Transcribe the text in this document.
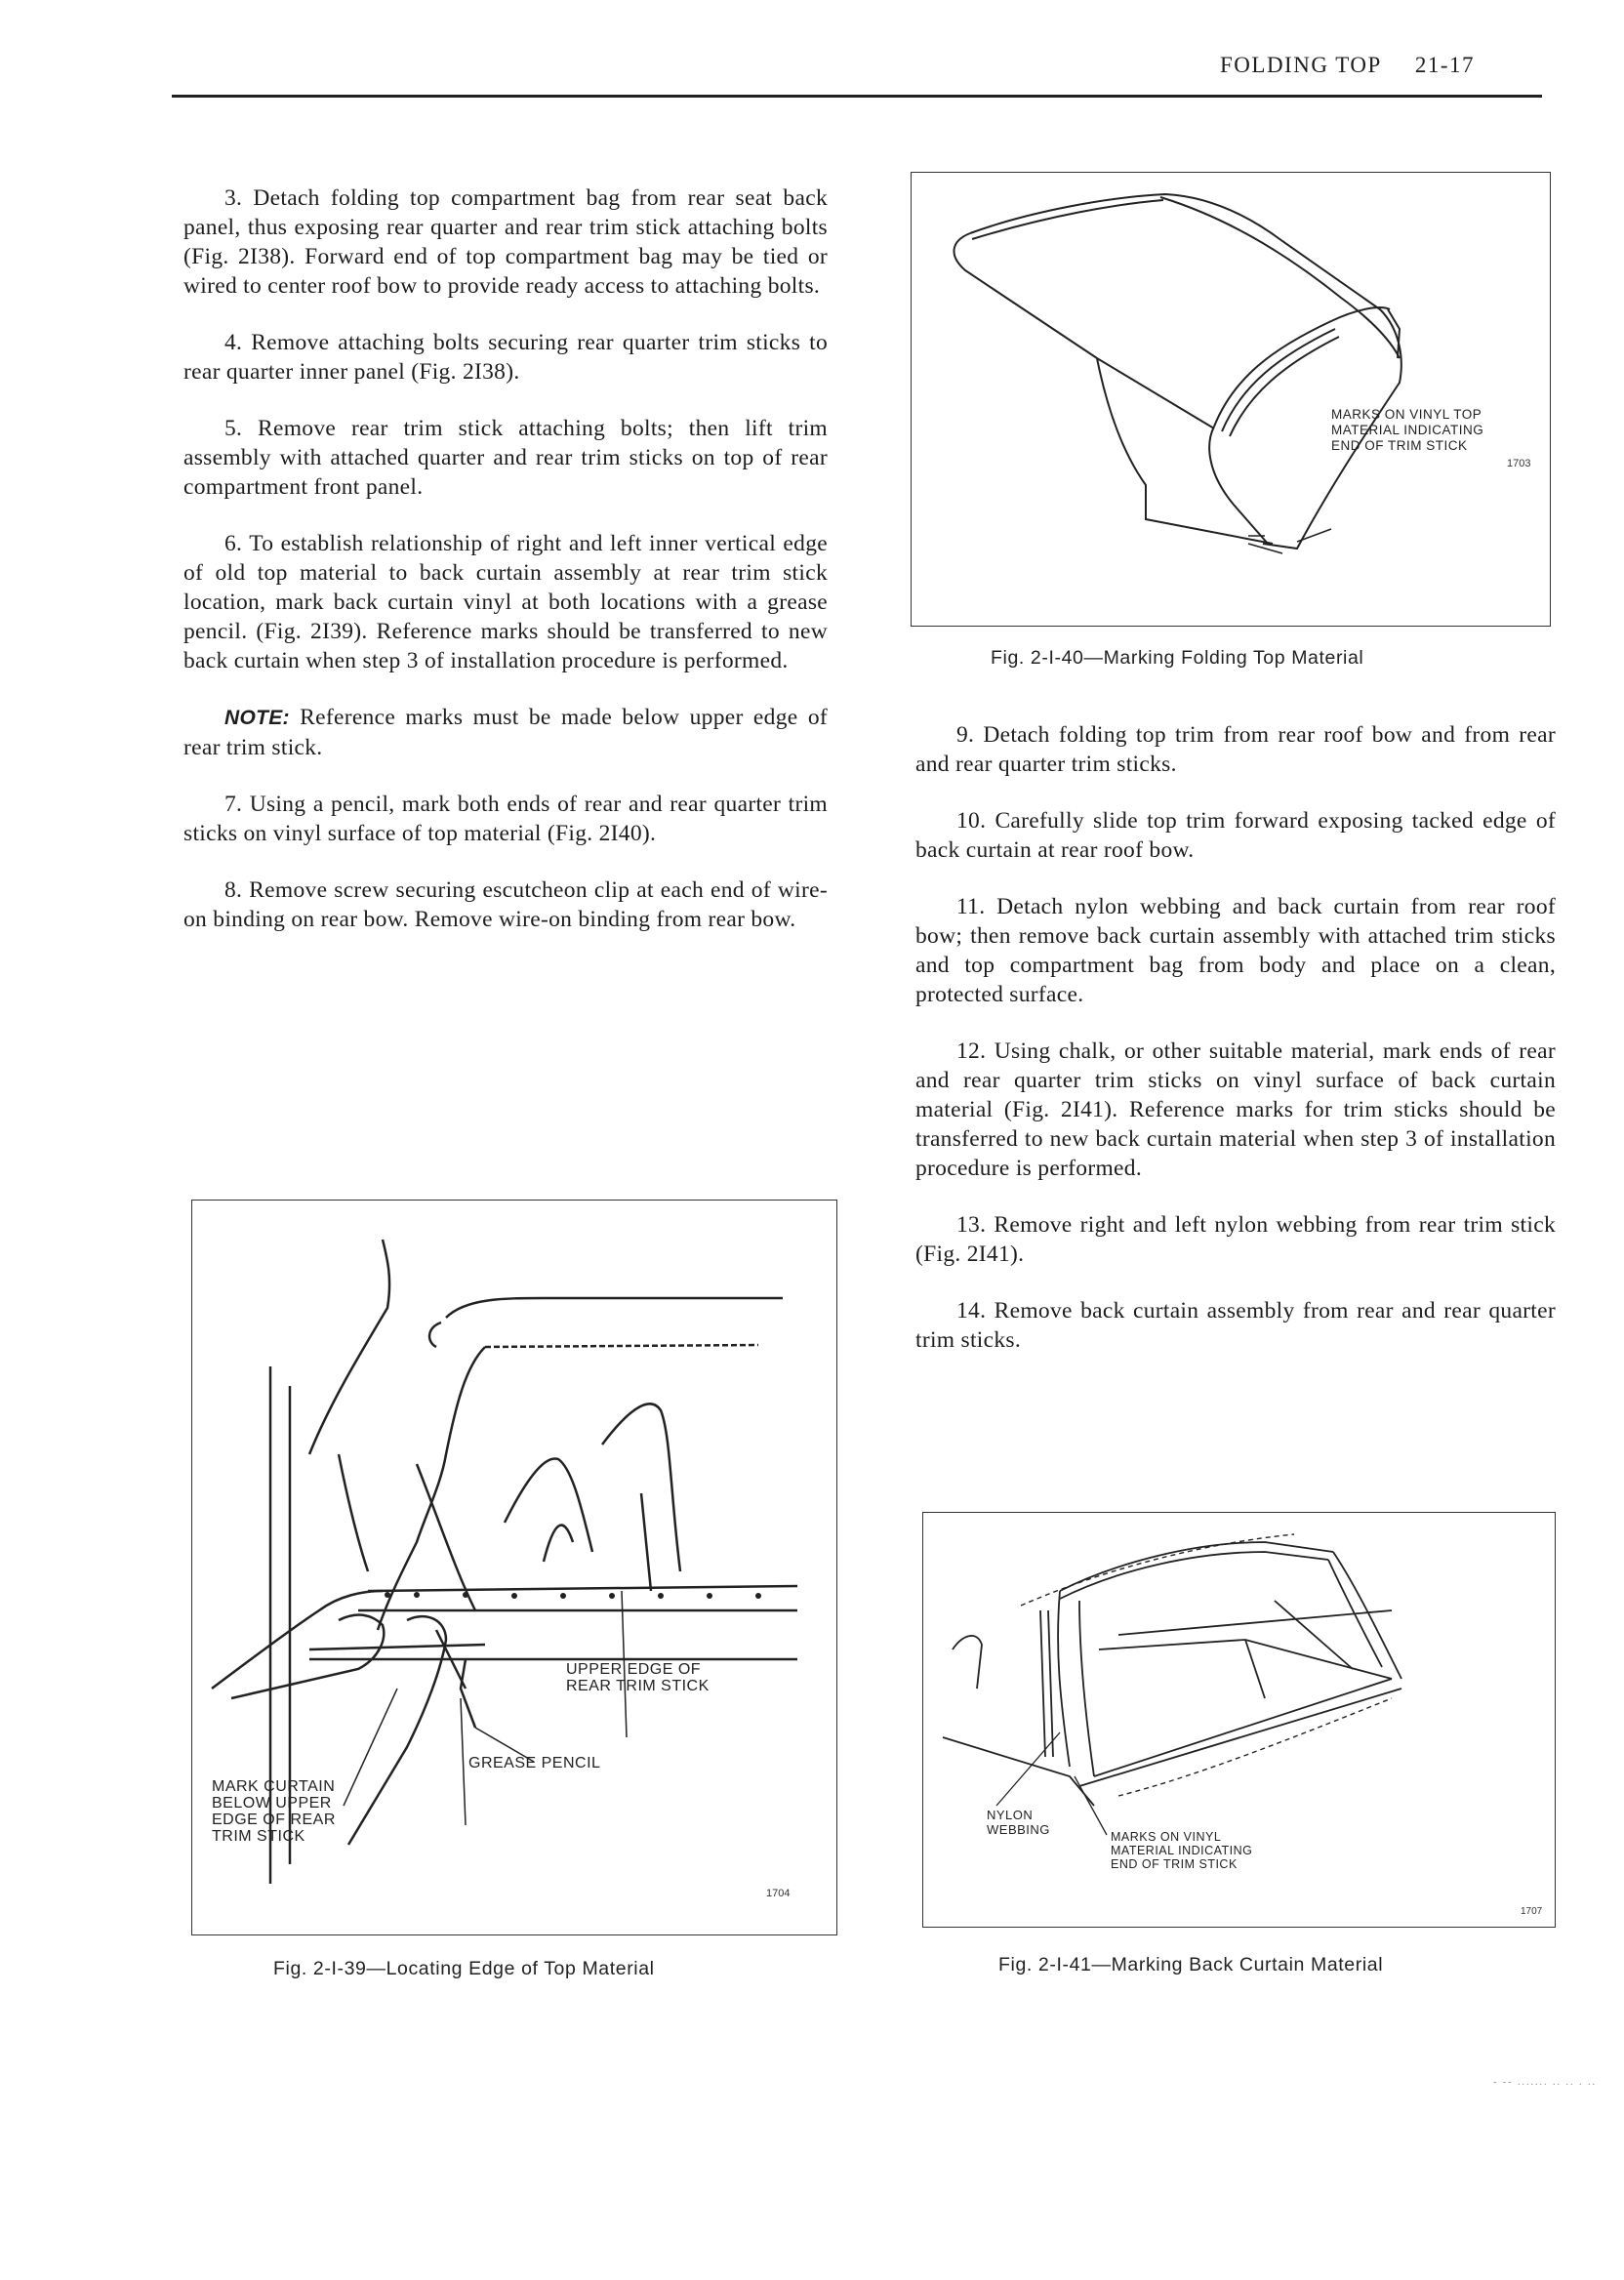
FOLDING TOP 21-17

3. Detach folding top compartment bag from rear seat back panel, thus exposing rear quarter and rear trim stick attaching bolts (Fig. 2I38). Forward end of top compartment bag may be tied or wired to center roof bow to provide ready access to attaching bolts.

4. Remove attaching bolts securing rear quarter trim sticks to rear quarter inner panel (Fig. 2I38).

5. Remove rear trim stick attaching bolts; then lift trim assembly with attached quarter and rear trim sticks on top of rear compartment front panel.

6. To establish relationship of right and left inner vertical edge of old top material to back curtain assembly at rear trim stick location, mark back curtain vinyl at both locations with a grease pencil. (Fig. 2I39). Reference marks should be transferred to new back curtain when step 3 of installation procedure is performed.

NOTE: Reference marks must be made below upper edge of rear trim stick.

7. Using a pencil, mark both ends of rear and rear quarter trim sticks on vinyl surface of top material (Fig. 2I40).

8. Remove screw securing escutcheon clip at each end of wire-on binding on rear bow. Remove wire-on binding from rear bow.

9. Detach folding top trim from rear roof bow and from rear and rear quarter trim sticks.

10. Carefully slide top trim forward exposing tacked edge of back curtain at rear roof bow.

11. Detach nylon webbing and back curtain from rear roof bow; then remove back curtain assembly with attached trim sticks and top compartment bag from body and place on a clean, protected surface.

12. Using chalk, or other suitable material, mark ends of rear and rear quarter trim sticks on vinyl surface of back curtain material (Fig. 2I41). Reference marks for trim sticks should be transferred to new back curtain material when step 3 of installation procedure is performed.

13. Remove right and left nylon webbing from rear trim stick (Fig. 2I41).

14. Remove back curtain assembly from rear and rear quarter trim sticks.

MARKS ON VINYL TOP
MATERIAL INDICATING
END OF TRIM STICK
1703
Fig. 2-I-40—Marking Folding Top Material
UPPER EDGE OF
REAR TRIM STICK
GREASE PENCIL
MARK CURTAIN
BELOW UPPER
EDGE OF REAR
TRIM STICK
1704
Fig. 2-I-39—Locating Edge of Top Material
NYLON
WEBBING	MARKS ON VINYL
MATERIAL INDICATING
END OF TRIM STICK
1707
Fig. 2-I-41—Marking Back Curtain Material
- -- ....... .. .. . ..
